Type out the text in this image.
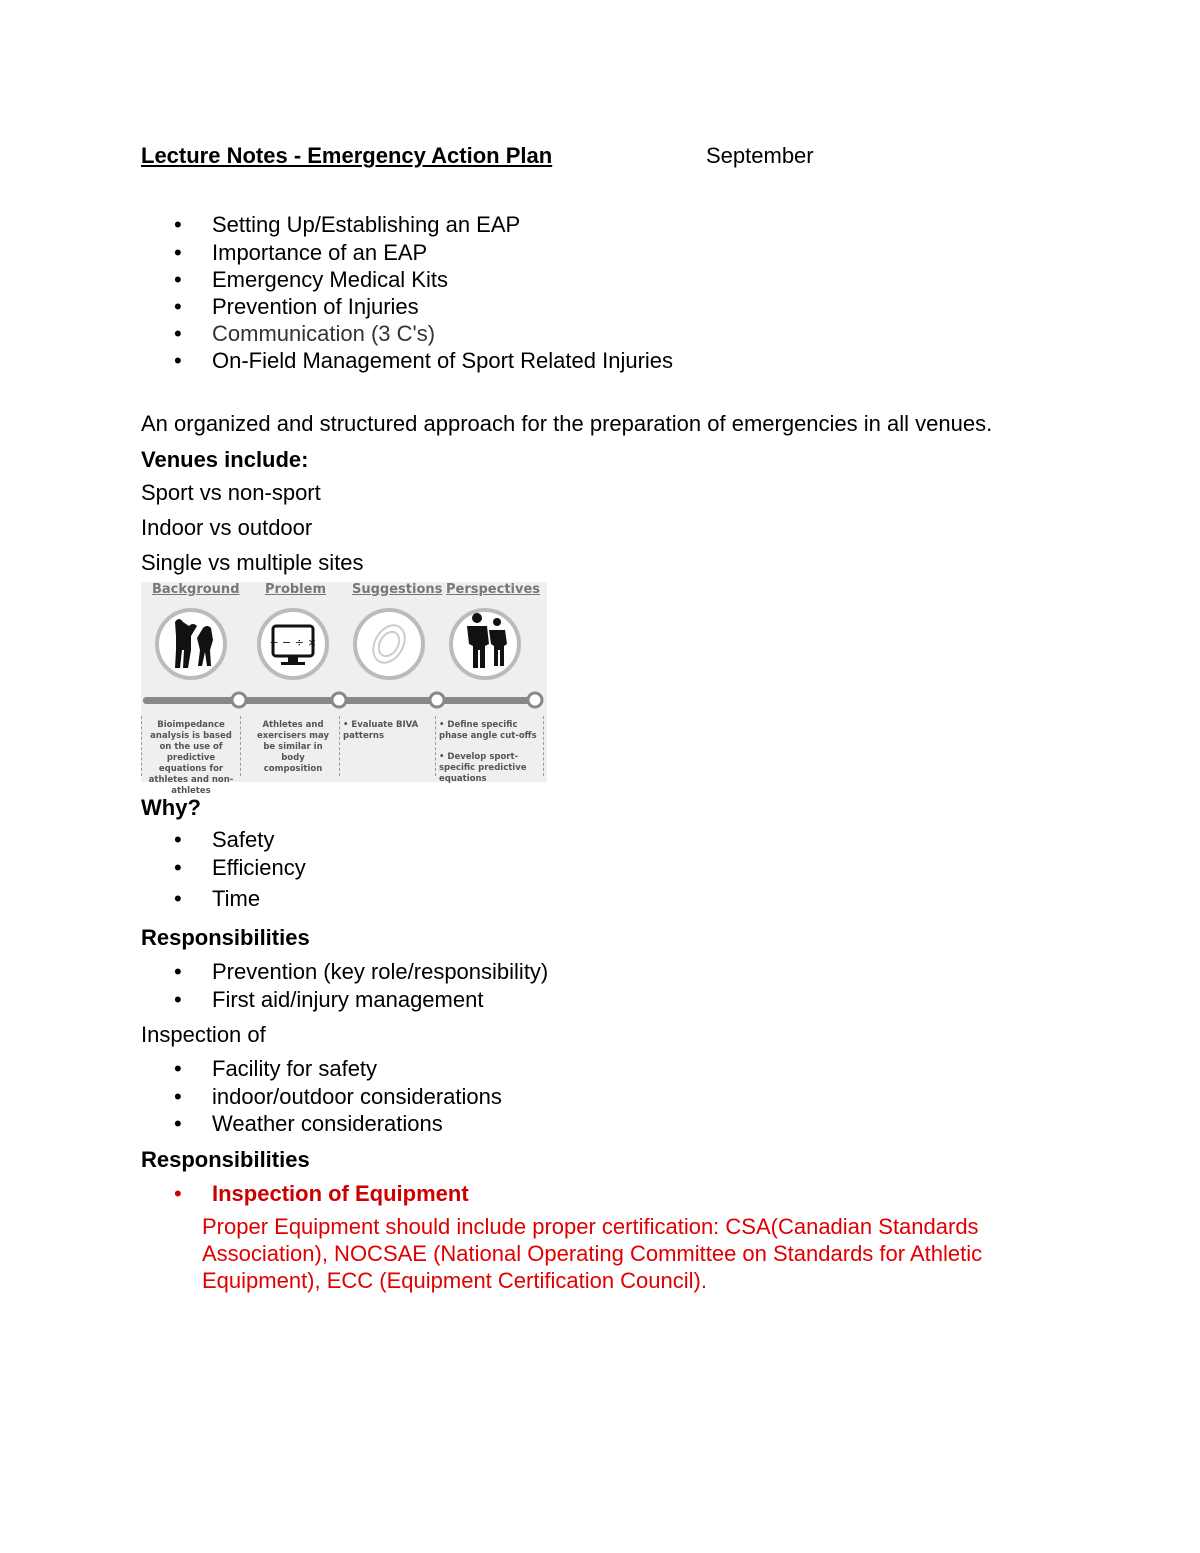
Lecture Notes - Emergency Action Plan	September
• Setting Up/Establishing an EAP
• Importance of an EAP
• Emergency Medical Kits
• Prevention of Injuries
• Communication (3 C's)
• On-Field Management of Sport Related Injuries
An organized and structured approach for the preparation of emergencies in all venues.
Venues include:
Sport vs non-sport
Indoor vs outdoor
Single vs multiple sites
Background Problem Suggestions Perspectives
+ − ÷ ×
Bioimpedance analysis is based on the use of predictive equations for athletes and non-athletes
Athletes and exercisers may be similar in body composition
• Evaluate BIVA patterns
• Define specific phase angle cut-offs
• Develop sport-specific predictive equations
Why?
• Safety
• Efficiency
• Time
Responsibilities
• Prevention (key role/responsibility)
• First aid/injury management
Inspection of
• Facility for safety
• indoor/outdoor considerations
• Weather considerations
Responsibilities
• Inspection of Equipment
Proper Equipment should include proper certification: CSA(Canadian Standards Association), NOCSAE (National Operating Committee on Standards for Athletic Equipment), ECC (Equipment Certification Council).
